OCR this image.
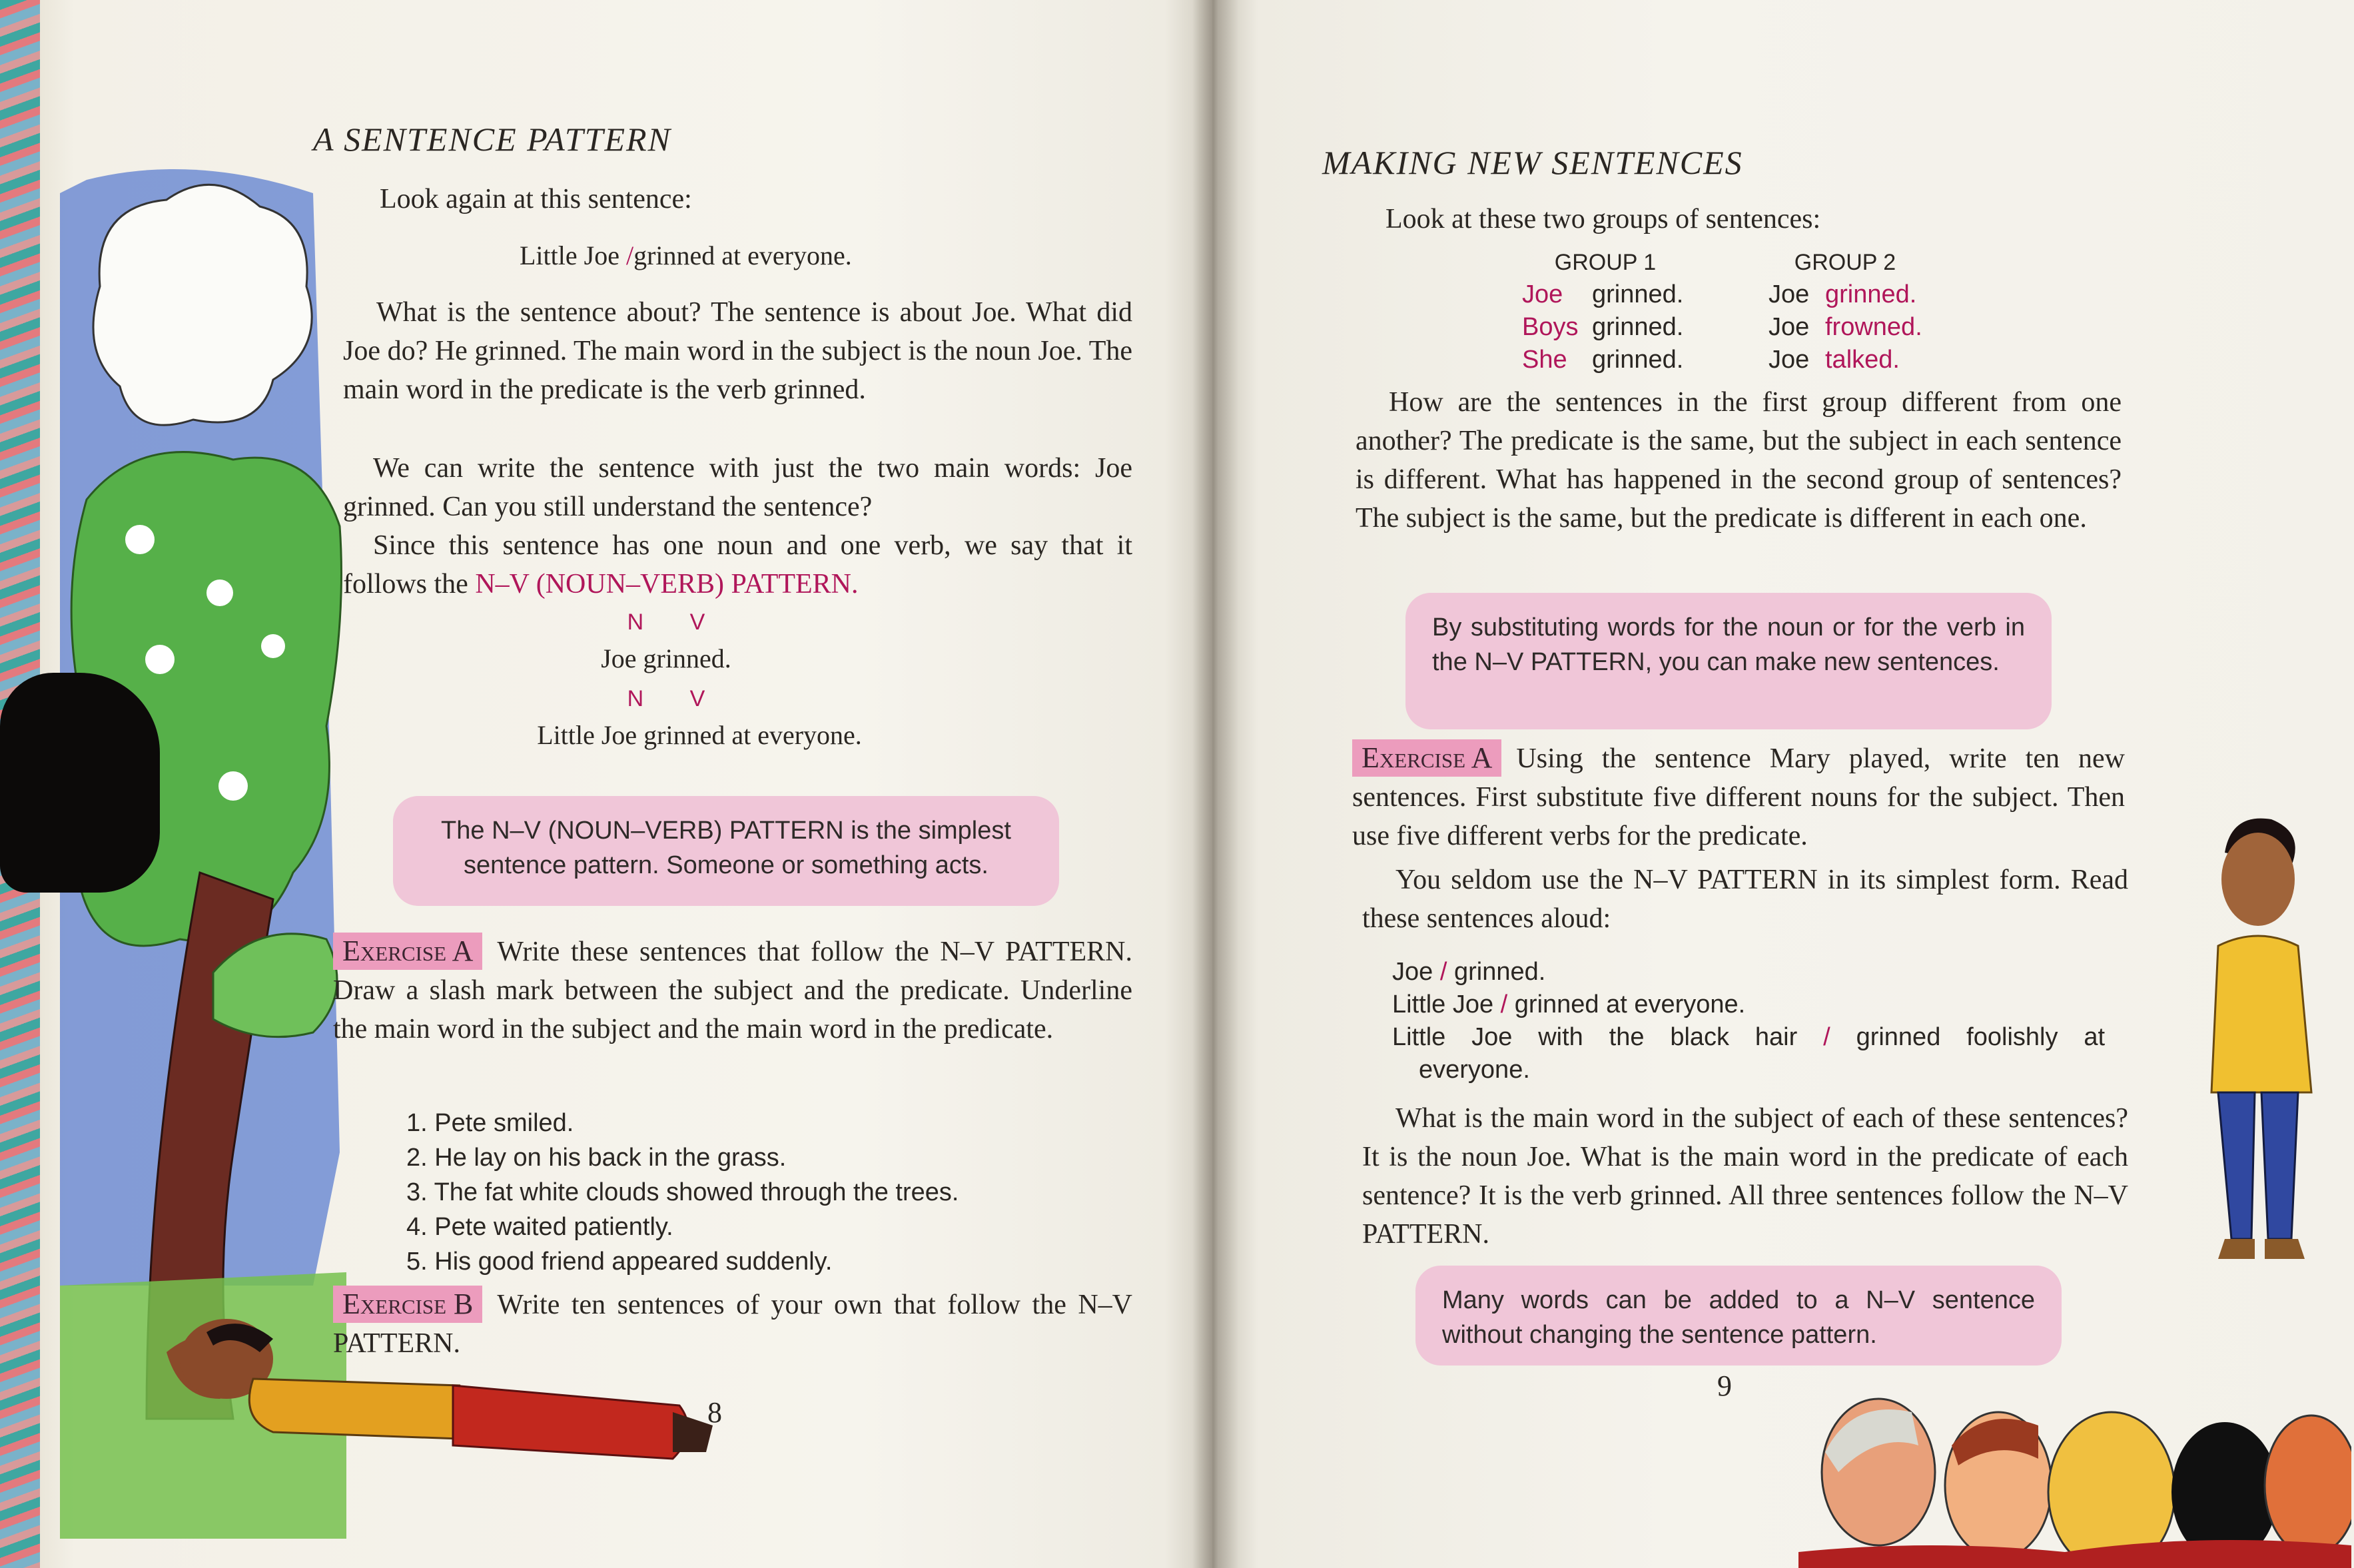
A SENTENCE PATTERN
Look again at this sentence:
Little Joe /grinned at everyone.
What is the sentence about? The sentence is about Joe. What did Joe do? He grinned. The main word in the subject is the noun Joe. The main word in the predicate is the verb grinned.
We can write the sentence with just the two main words: Joe grinned. Can you still understand the sentence?
Since this sentence has one noun and one verb, we say that it follows the N–V (NOUN–VERB) PATTERN.
N V
Joe grinned.
N V
Little Joe grinned at everyone.
The N–V (NOUN–VERB) PATTERN is the simplest
sentence pattern. Someone or something acts.
Exercise A Write these sentences that follow the N–V PATTERN. Draw a slash mark between the subject and the predicate. Underline the main word in the subject and the main word in the predicate.
1. Pete smiled.
2. He lay on his back in the grass.
3. The fat white clouds showed through the trees.
4. Pete waited patiently.
5. His good friend appeared suddenly.
Exercise B Write ten sentences of your own that follow the N–V PATTERN.
8
MAKING NEW SENTENCES
Look at these two groups of sentences:
GROUP 1	GROUP 2
Joe grinned.
Boys grinned.
She grinned.
Joe grinned.
Joe frowned.
Joe talked.
How are the sentences in the first group different from one another? The predicate is the same, but the subject in each sentence is different. What has happened in the second group of sentences? The subject is the same, but the predicate is different in each one.
By substituting words for the noun or for the verb in the N–V PATTERN, you can make new sentences.
Exercise A Using the sentence Mary played, write ten new sentences. First substitute five different nouns for the subject. Then use five different verbs for the predicate.
You seldom use the N–V PATTERN in its simplest form. Read these sentences aloud:
Joe / grinned.
Little Joe / grinned at everyone.
Little Joe with the black hair / grinned foolishly at
everyone.
What is the main word in the subject of each of these sentences? It is the noun Joe. What is the main word in the predicate of each sentence? It is the verb grinned. All three sentences follow the N–V PATTERN.
Many words can be added to a N–V sentence without changing the sentence pattern.
9
